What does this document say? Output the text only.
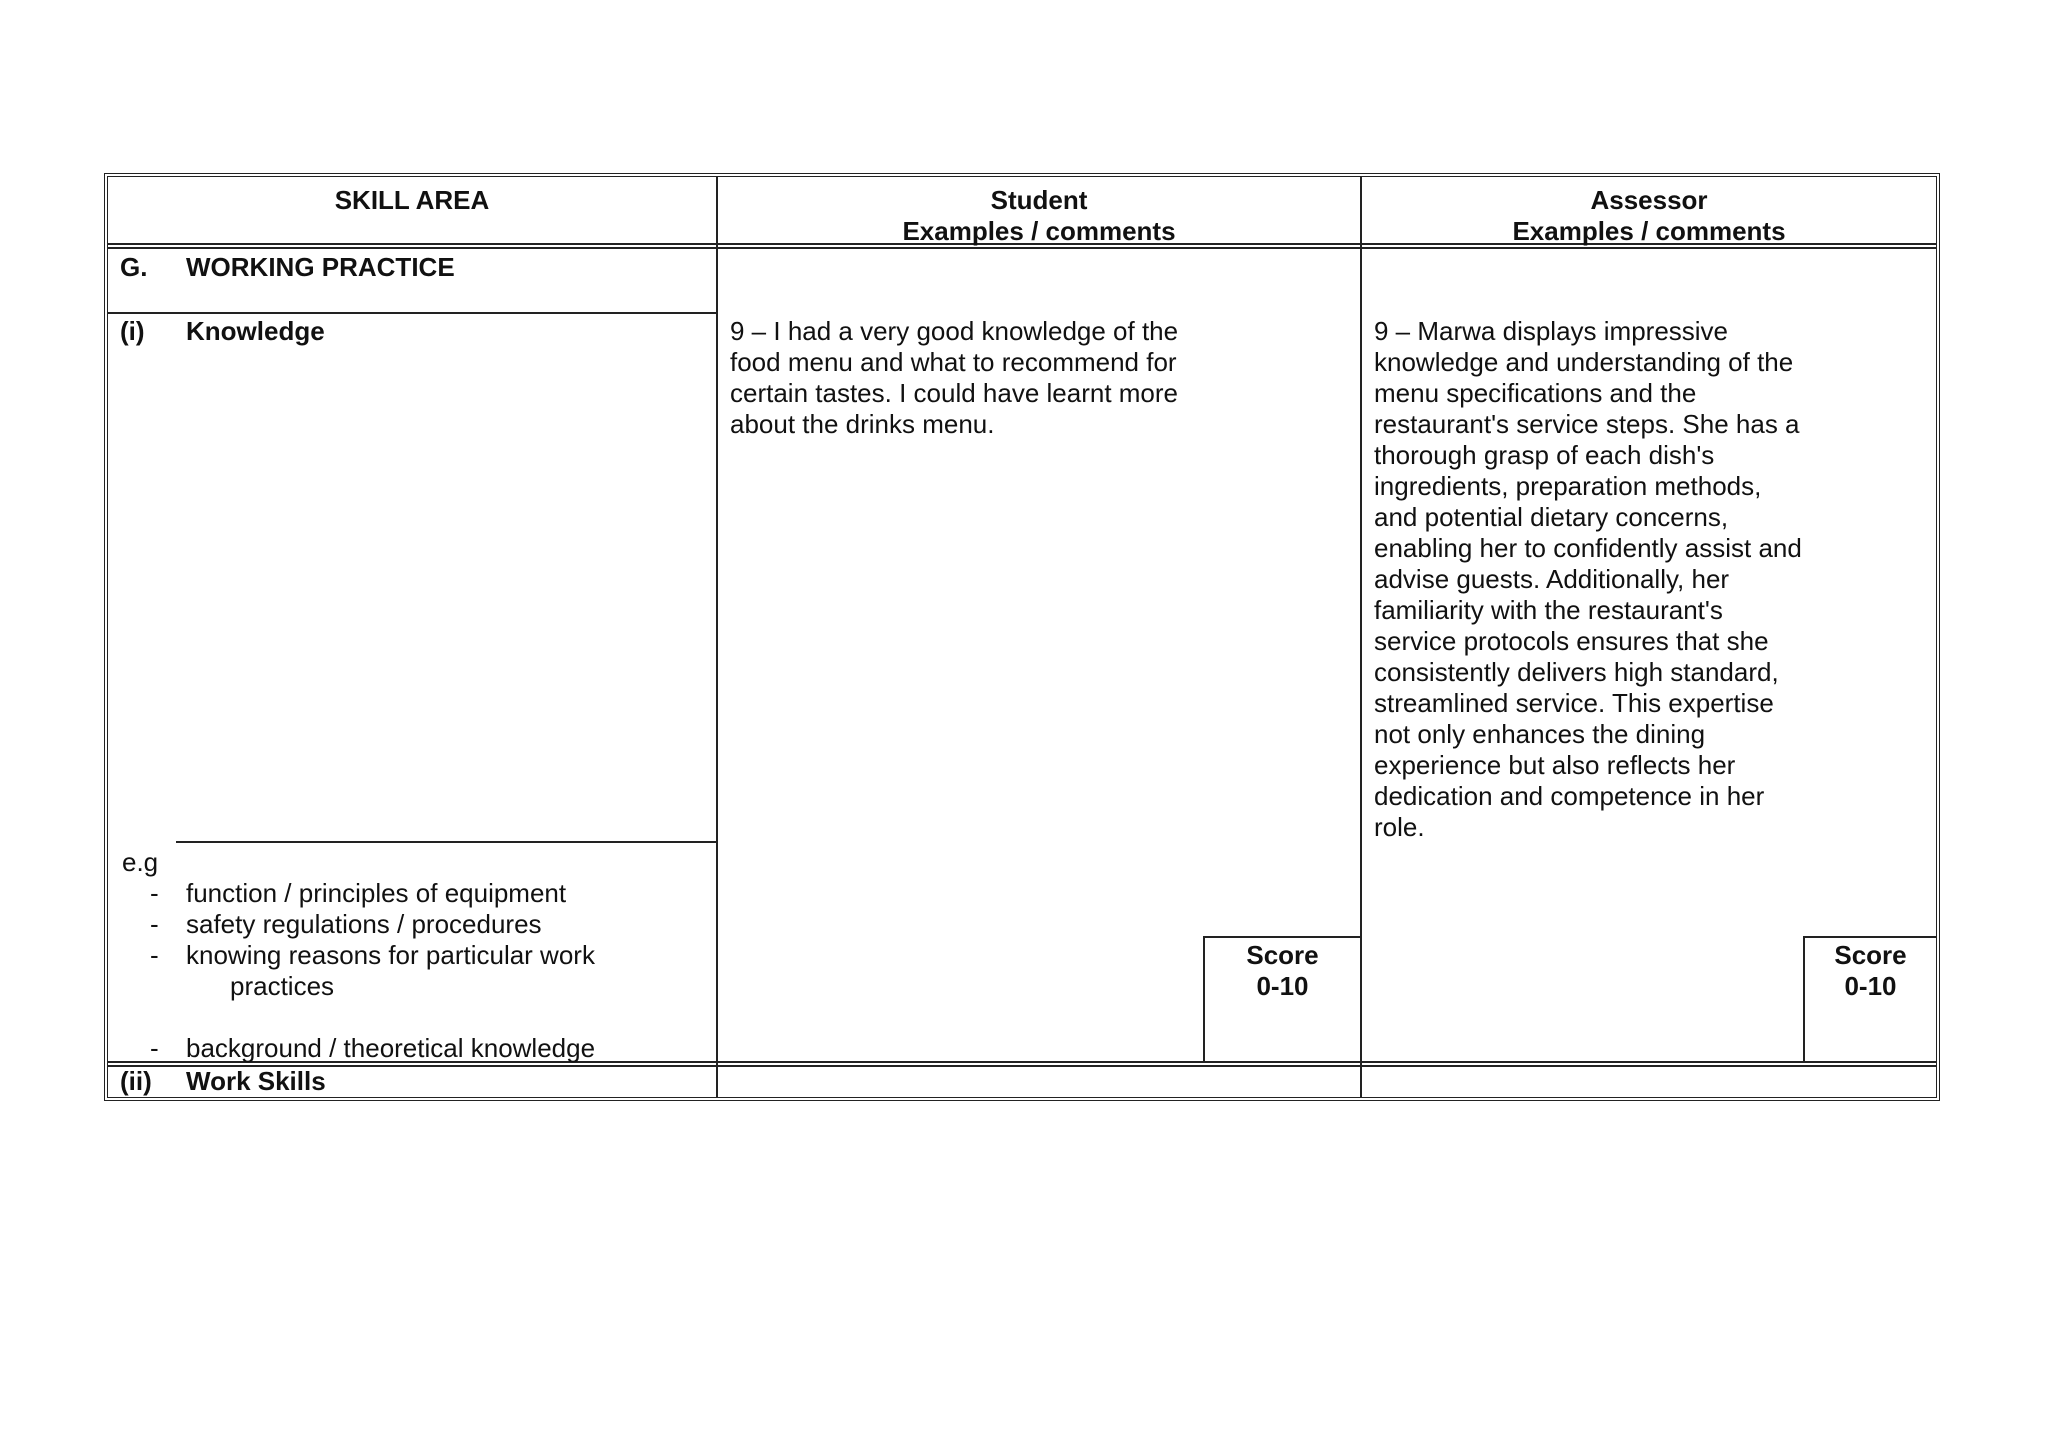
SKILL AREA	Student
Examples / comments
Assessor
Examples / comments
G. WORKING PRACTICE
(i) Knowledge
e.g
- function / principles of equipment
- safety regulations / procedures
- knowing reasons for particular work
practices
- background / theoretical knowledge
9 – I had a very good knowledge of the food menu and what to recommend for certain tastes. I could have learnt more about the drinks menu.
9 – Marwa displays impressive knowledge and understanding of the menu specifications and the restaurant's service steps. She has a thorough grasp of each dish's ingredients, preparation methods, and potential dietary concerns, enabling her to confidently assist and advise guests. Additionally, her familiarity with the restaurant's service protocols ensures that she consistently delivers high standard, streamlined service. This expertise not only enhances the dining experience but also reflects her dedication and competence in her role.
Score
0-10
Score
0-10
(ii) Work Skills
